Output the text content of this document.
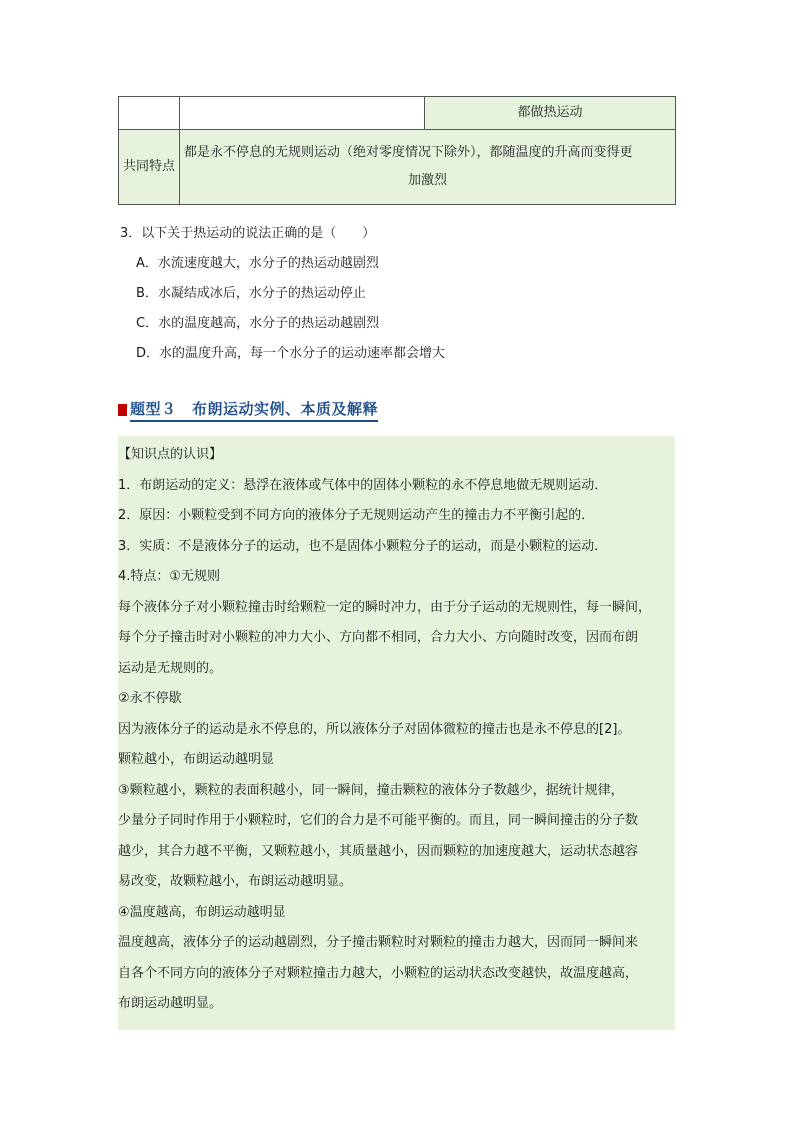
		都做热运动
共同特点	都是永不停息的无规则运动（绝对零度情况下除外），都随温度的升高而变得更
加激烈	
3．以下关于热运动的说法正确的是（　　）
A．水流速度越大，水分子的热运动越剧烈
B．水凝结成冰后，水分子的热运动停止
C．水的温度越高，水分子的热运动越剧烈
D．水的温度升高，每一个水分子的运动速率都会增大
题型３　布朗运动实例、本质及解释

【知识点的认识】

1．布朗运动的定义：悬浮在液体或气体中的固体小颗粒的永不停息地做无规则运动．

2．原因：小颗粒受到不同方向的液体分子无规则运动产生的撞击力不平衡引起的．

3．实质：不是液体分子的运动，也不是固体小颗粒分子的运动，而是小颗粒的运动．

4.特点：①无规则

每个液体分子对小颗粒撞击时给颗粒一定的瞬时冲力，由于分子运动的无规则性，每一瞬间，

每个分子撞击时对小颗粒的冲力大小、方向都不相同，合力大小、方向随时改变，因而布朗

运动是无规则的。

②永不停歇

因为液体分子的运动是永不停息的，所以液体分子对固体微粒的撞击也是永不停息的[2]。

颗粒越小，布朗运动越明显

③颗粒越小，颗粒的表面积越小，同一瞬间，撞击颗粒的液体分子数越少，据统计规律，

少量分子同时作用于小颗粒时，它们的合力是不可能平衡的。而且，同一瞬间撞击的分子数

越少，其合力越不平衡，又颗粒越小，其质量越小，因而颗粒的加速度越大，运动状态越容

易改变，故颗粒越小，布朗运动越明显。

④温度越高，布朗运动越明显

温度越高，液体分子的运动越剧烈，分子撞击颗粒时对颗粒的撞击力越大，因而同一瞬间来

自各个不同方向的液体分子对颗粒撞击力越大，小颗粒的运动状态改变越快，故温度越高，

布朗运动越明显。
